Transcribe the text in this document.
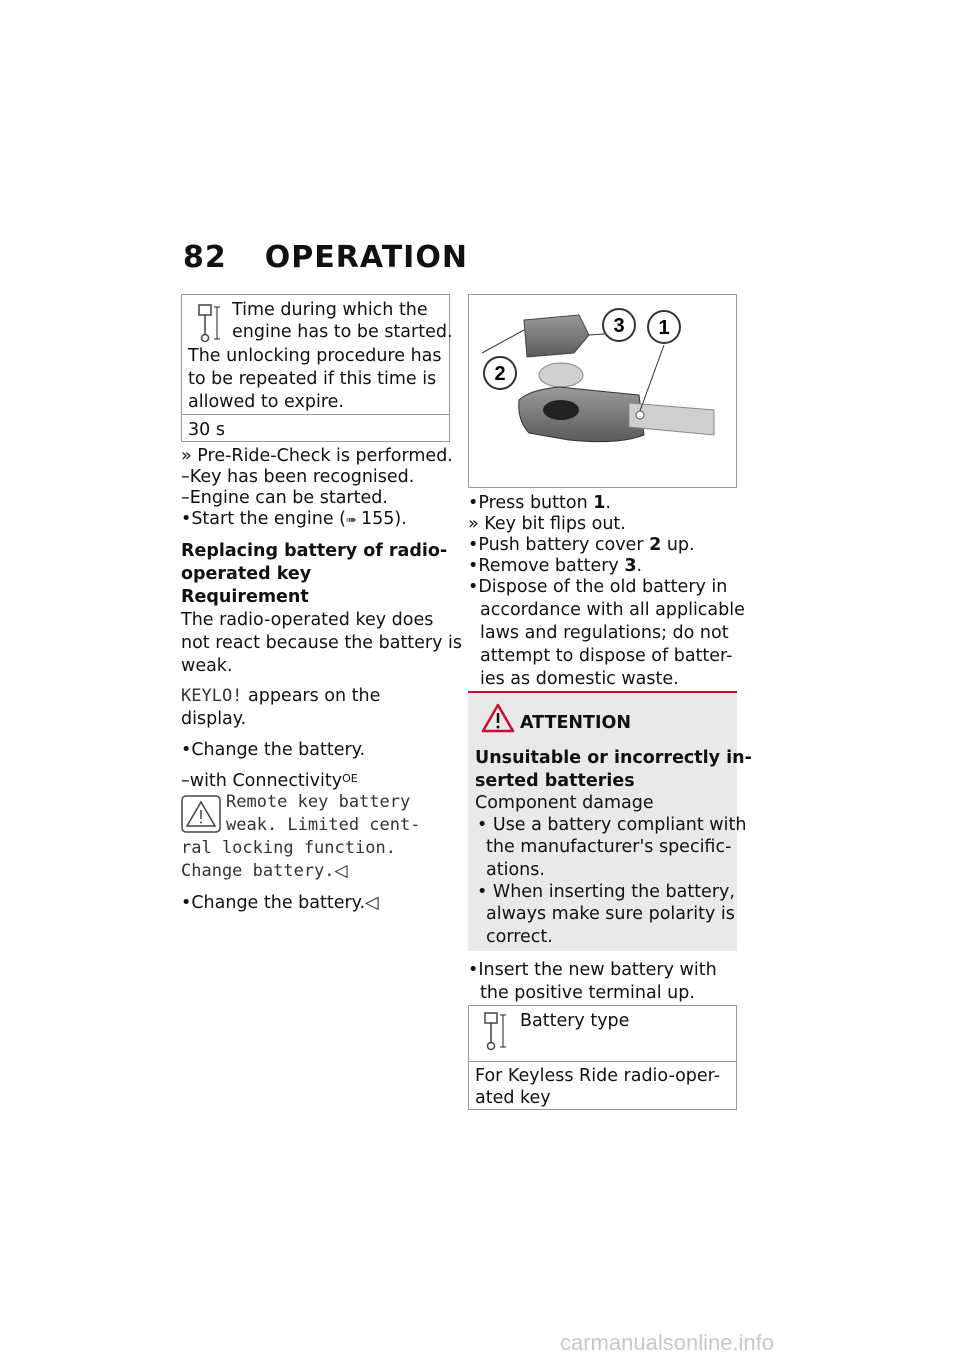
82 OPERATION
Time during which the
engine has to be started.
The unlocking procedure has
to be repeated if this time is
allowed to expire.
30 s
» Pre-Ride-Check is performed.
–Key has been recognised.
–Engine can be started.
•Start the engine (➠ 155).
Replacing battery of radio-
operated key
Requirement
The radio-operated key does
not react because the battery is
weak.
KEYLO! appears on the
display.
•Change the battery.
–with Connectivity$^{OE}$
Remote key battery
weak. Limited cent-
ral locking function.
Change battery.◁
•Change the battery.◁
2
3 1
•Press button 1.
» Key bit flips out.
•Push battery cover 2 up.
•Remove battery 3.
•Dispose of the old battery in
accordance with all applicable
laws and regulations; do not
attempt to dispose of batter-
ies as domestic waste.
ATTENTION
Unsuitable or incorrectly in-
serted batteries
Component damage
• Use a battery compliant with
the manufacturer's specific-
ations.
• When inserting the battery,
always make sure polarity is
correct.
•Insert the new battery with
the positive terminal up.
Battery type
For Keyless Ride radio-oper-
ated key
carmanualsonline.info
